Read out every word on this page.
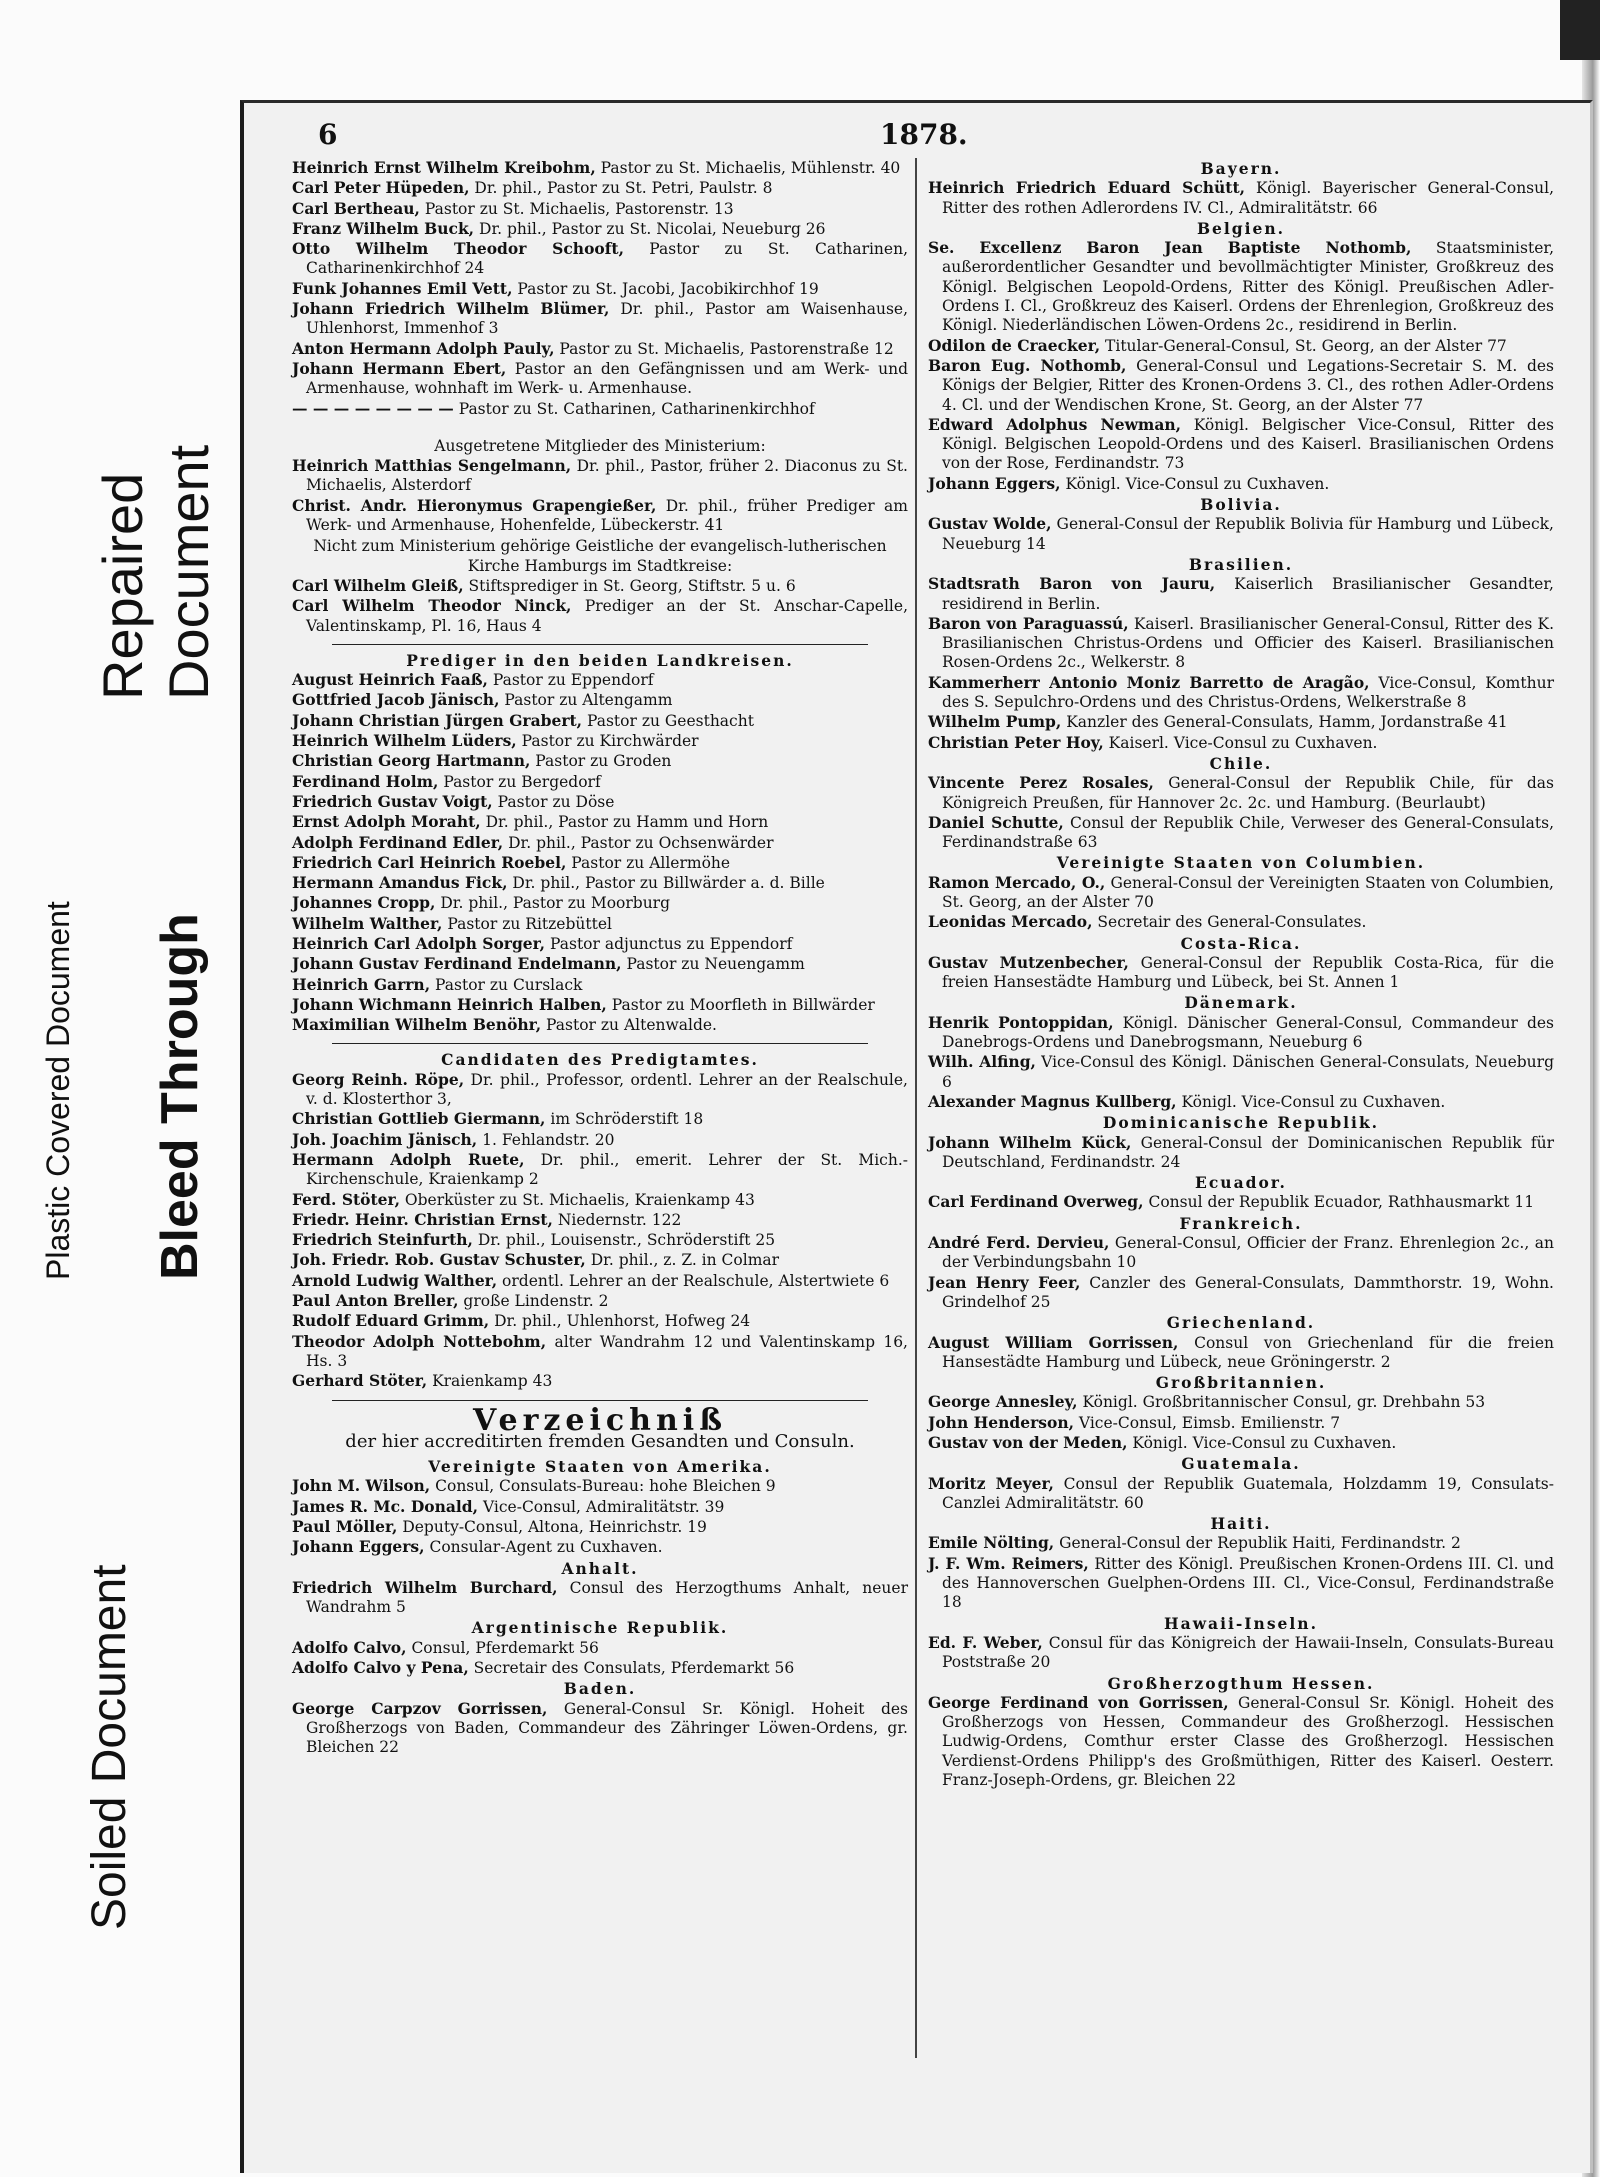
Plastic Covered Document Bleed Through
Repaired
Document
Soiled Document
6	1878.
Heinrich Ernst Wilhelm Kreibohm, Pastor zu St. Michaelis, Mühlenstr. 40
Carl Peter Hüpeden, Dr. phil., Pastor zu St. Petri, Paulstr. 8
Carl Bertheau, Pastor zu St. Michaelis, Pastorenstr. 13
Franz Wilhelm Buck, Dr. phil., Pastor zu St. Nicolai, Neueburg 26
Otto Wilhelm Theodor Schooft, Pastor zu St. Catharinen, Catharinenkirchhof 24
Funk Johannes Emil Vett, Pastor zu St. Jacobi, Jacobikirchhof 19
Johann Friedrich Wilhelm Blümer, Dr. phil., Pastor am Waisenhause, Uhlenhorst, Immenhof 3
Anton Hermann Adolph Pauly, Pastor zu St. Michaelis, Pastorenstraße 12
Johann Hermann Ebert, Pastor an den Gefängnissen und am Werk- und Armenhause, wohnhaft im Werk- u. Armenhause.
— — — — — — — — Pastor zu St. Catharinen, Catharinenkirchhof
Ausgetretene Mitglieder des Ministerium:
Heinrich Matthias Sengelmann, Dr. phil., Pastor, früher 2. Diaconus zu St. Michaelis, Alsterdorf
Christ. Andr. Hieronymus Grapengießer, Dr. phil., früher Prediger am Werk- und Armenhause, Hohenfelde, Lübeckerstr. 41
Nicht zum Ministerium gehörige Geistliche der evangelisch-lutherischen Kirche Hamburgs im Stadtkreise:
Carl Wilhelm Gleiß, Stiftsprediger in St. Georg, Stiftstr. 5 u. 6
Carl Wilhelm Theodor Ninck, Prediger an der St. Anschar-Capelle, Valentinskamp, Pl. 16, Haus 4
Prediger in den beiden Landkreisen.
August Heinrich Faaß, Pastor zu Eppendorf
Gottfried Jacob Jänisch, Pastor zu Altengamm
Johann Christian Jürgen Grabert, Pastor zu Geesthacht
Heinrich Wilhelm Lüders, Pastor zu Kirchwärder
Christian Georg Hartmann, Pastor zu Groden
Ferdinand Holm, Pastor zu Bergedorf
Friedrich Gustav Voigt, Pastor zu Döse
Ernst Adolph Moraht, Dr. phil., Pastor zu Hamm und Horn
Adolph Ferdinand Edler, Dr. phil., Pastor zu Ochsenwärder
Friedrich Carl Heinrich Roebel, Pastor zu Allermöhe
Hermann Amandus Fick, Dr. phil., Pastor zu Billwärder a. d. Bille
Johannes Cropp, Dr. phil., Pastor zu Moorburg
Wilhelm Walther, Pastor zu Ritzebüttel
Heinrich Carl Adolph Sorger, Pastor adjunctus zu Eppendorf
Johann Gustav Ferdinand Endelmann, Pastor zu Neuengamm
Heinrich Garrn, Pastor zu Curslack
Johann Wichmann Heinrich Halben, Pastor zu Moorfleth in Billwärder
Maximilian Wilhelm Benöhr, Pastor zu Altenwalde.
Candidaten des Predigtamtes.
Georg Reinh. Röpe, Dr. phil., Professor, ordentl. Lehrer an der Realschule, v. d. Klosterthor 3,
Christian Gottlieb Giermann, im Schröderstift 18
Joh. Joachim Jänisch, 1. Fehlandstr. 20
Hermann Adolph Ruete, Dr. phil., emerit. Lehrer der St. Mich.-Kirchenschule, Kraienkamp 2
Ferd. Stöter, Oberküster zu St. Michaelis, Kraienkamp 43
Friedr. Heinr. Christian Ernst, Niedernstr. 122
Friedrich Steinfurth, Dr. phil., Louisenstr., Schröderstift 25
Joh. Friedr. Rob. Gustav Schuster, Dr. phil., z. Z. in Colmar
Arnold Ludwig Walther, ordentl. Lehrer an der Realschule, Alstertwiete 6
Paul Anton Breller, große Lindenstr. 2
Rudolf Eduard Grimm, Dr. phil., Uhlenhorst, Hofweg 24
Theodor Adolph Nottebohm, alter Wandrahm 12 und Valentinskamp 16, Hs. 3
Gerhard Stöter, Kraienkamp 43
Verzeichniß
der hier accreditirten fremden Gesandten und Consuln.
Vereinigte Staaten von Amerika.
John M. Wilson, Consul, Consulats-Bureau: hohe Bleichen 9
James R. Mc. Donald, Vice-Consul, Admiralitätstr. 39
Paul Möller, Deputy-Consul, Altona, Heinrichstr. 19
Johann Eggers, Consular-Agent zu Cuxhaven.
Anhalt.
Friedrich Wilhelm Burchard, Consul des Herzogthums Anhalt, neuer Wandrahm 5
Argentinische Republik.
Adolfo Calvo, Consul, Pferdemarkt 56
Adolfo Calvo y Pena, Secretair des Consulats, Pferdemarkt 56
Baden.
George Carpzov Gorrissen, General-Consul Sr. Königl. Hoheit des Großherzogs von Baden, Commandeur des Zähringer Löwen-Ordens, gr. Bleichen 22
Bayern.
Heinrich Friedrich Eduard Schütt, Königl. Bayerischer General-Consul, Ritter des rothen Adlerordens IV. Cl., Admiralitätstr. 66
Belgien.
Se. Excellenz Baron Jean Baptiste Nothomb, Staatsminister, außerordentlicher Gesandter und bevollmächtigter Minister, Großkreuz des Königl. Belgischen Leopold-Ordens, Ritter des Königl. Preußischen Adler-Ordens I. Cl., Großkreuz des Kaiserl. Ordens der Ehrenlegion, Großkreuz des Königl. Niederländischen Löwen-Ordens 2c., residirend in Berlin.
Odilon de Craecker, Titular-General-Consul, St. Georg, an der Alster 77
Baron Eug. Nothomb, General-Consul und Legations-Secretair S. M. des Königs der Belgier, Ritter des Kronen-Ordens 3. Cl., des rothen Adler-Ordens 4. Cl. und der Wendischen Krone, St. Georg, an der Alster 77
Edward Adolphus Newman, Königl. Belgischer Vice-Consul, Ritter des Königl. Belgischen Leopold-Ordens und des Kaiserl. Brasilianischen Ordens von der Rose, Ferdinandstr. 73
Johann Eggers, Königl. Vice-Consul zu Cuxhaven.
Bolivia.
Gustav Wolde, General-Consul der Republik Bolivia für Hamburg und Lübeck, Neueburg 14
Brasilien.
Stadtsrath Baron von Jauru, Kaiserlich Brasilianischer Gesandter, residirend in Berlin.
Baron von Paraguassú, Kaiserl. Brasilianischer General-Consul, Ritter des K. Brasilianischen Christus-Ordens und Officier des Kaiserl. Brasilianischen Rosen-Ordens 2c., Welkerstr. 8
Kammerherr Antonio Moniz Barretto de Aragão, Vice-Consul, Komthur des S. Sepulchro-Ordens und des Christus-Ordens, Welkerstraße 8
Wilhelm Pump, Kanzler des General-Consulats, Hamm, Jordanstraße 41
Christian Peter Hoy, Kaiserl. Vice-Consul zu Cuxhaven.
Chile.
Vincente Perez Rosales, General-Consul der Republik Chile, für das Königreich Preußen, für Hannover 2c. 2c. und Hamburg. (Beurlaubt)
Daniel Schutte, Consul der Republik Chile, Verweser des General-Consulats, Ferdinandstraße 63
Vereinigte Staaten von Columbien.
Ramon Mercado, O., General-Consul der Vereinigten Staaten von Columbien, St. Georg, an der Alster 70
Leonidas Mercado, Secretair des General-Consulates.
Costa-Rica.
Gustav Mutzenbecher, General-Consul der Republik Costa-Rica, für die freien Hansestädte Hamburg und Lübeck, bei St. Annen 1
Dänemark.
Henrik Pontoppidan, Königl. Dänischer General-Consul, Commandeur des Danebrogs-Ordens und Danebrogsmann, Neueburg 6
Wilh. Alfing, Vice-Consul des Königl. Dänischen General-Consulats, Neueburg 6
Alexander Magnus Kullberg, Königl. Vice-Consul zu Cuxhaven.
Dominicanische Republik.
Johann Wilhelm Kück, General-Consul der Dominicanischen Republik für Deutschland, Ferdinandstr. 24
Ecuador.
Carl Ferdinand Overweg, Consul der Republik Ecuador, Rathhausmarkt 11
Frankreich.
André Ferd. Dervieu, General-Consul, Officier der Franz. Ehrenlegion 2c., an der Verbindungsbahn 10
Jean Henry Feer, Canzler des General-Consulats, Dammthorstr. 19, Wohn. Grindelhof 25
Griechenland.
August William Gorrissen, Consul von Griechenland für die freien Hansestädte Hamburg und Lübeck, neue Gröningerstr. 2
Großbritannien.
George Annesley, Königl. Großbritannischer Consul, gr. Drehbahn 53
John Henderson, Vice-Consul, Eimsb. Emilienstr. 7
Gustav von der Meden, Königl. Vice-Consul zu Cuxhaven.
Guatemala.
Moritz Meyer, Consul der Republik Guatemala, Holzdamm 19, Consulats-Canzlei Admiralitätstr. 60
Haiti.
Emile Nölting, General-Consul der Republik Haiti, Ferdinandstr. 2
J. F. Wm. Reimers, Ritter des Königl. Preußischen Kronen-Ordens III. Cl. und des Hannoverschen Guelphen-Ordens III. Cl., Vice-Consul, Ferdinandstraße 18
Hawaii-Inseln.
Ed. F. Weber, Consul für das Königreich der Hawaii-Inseln, Consulats-Bureau Poststraße 20
Großherzogthum Hessen.
George Ferdinand von Gorrissen, General-Consul Sr. Königl. Hoheit des Großherzogs von Hessen, Commandeur des Großherzogl. Hessischen Ludwig-Ordens, Comthur erster Classe des Großherzogl. Hessischen Verdienst-Ordens Philipp's des Großmüthigen, Ritter des Kaiserl. Oesterr. Franz-Joseph-Ordens, gr. Bleichen 22
